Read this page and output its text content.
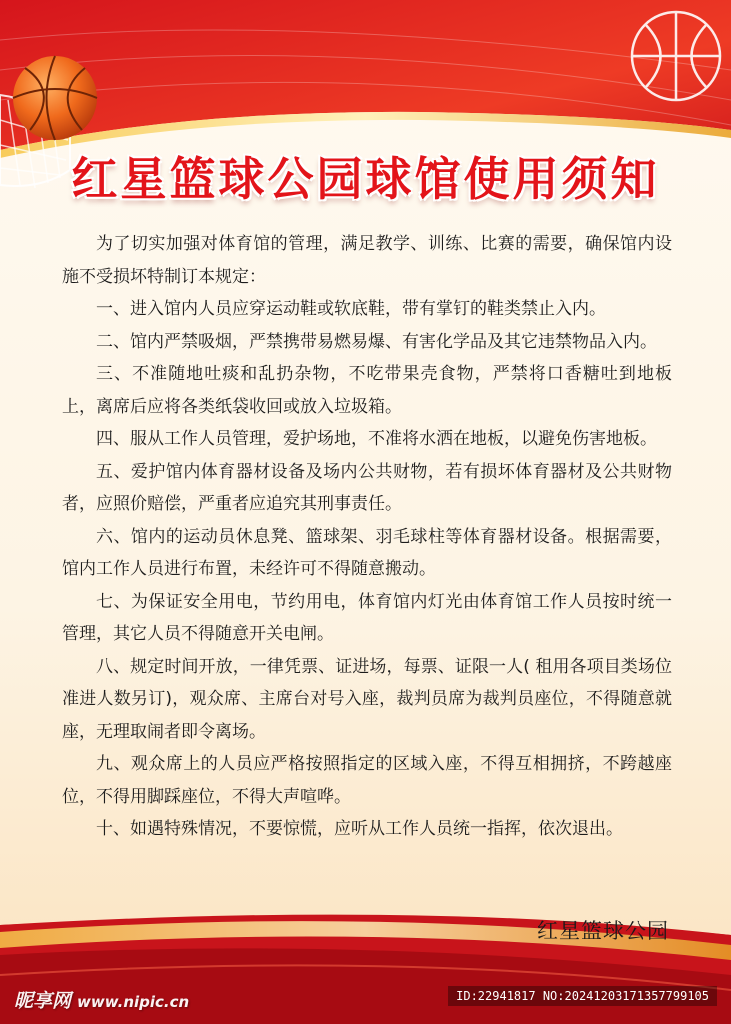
红星篮球公园球馆使用须知

为了切实加强对体育馆的管理，满足教学、训练、比赛的需要，确保馆内设施不受损坏特制订本规定：

一、进入馆内人员应穿运动鞋或软底鞋，带有掌钉的鞋类禁止入内。

二、馆内严禁吸烟，严禁携带易燃易爆、有害化学品及其它违禁物品入内。

三、不准随地吐痰和乱扔杂物，不吃带果壳食物，严禁将口香糖吐到地板上，离席后应将各类纸袋收回或放入垃圾箱。

四、服从工作人员管理，爱护场地，不准将水洒在地板，以避免伤害地板。

五、爱护馆内体育器材设备及场内公共财物，若有损坏体育器材及公共财物者，应照价赔偿，严重者应追究其刑事责任。

六、馆内的运动员休息凳、篮球架、羽毛球柱等体育器材设备。根据需要，馆内工作人员进行布置，未经许可不得随意搬动。

七、为保证安全用电，节约用电，体育馆内灯光由体育馆工作人员按时统一管理，其它人员不得随意开关电闸。

八、规定时间开放，一律凭票、证进场，每票、证限一人( 租用各项目类场位准进人数另订)，观众席、主席台对号入座，裁判员席为裁判员座位，不得随意就座，无理取闹者即令离场。

九、观众席上的人员应严格按照指定的区域入座，不得互相拥挤，不跨越座位，不得用脚踩座位，不得大声喧哗。

十、如遇特殊情况，不要惊慌，应听从工作人员统一指挥，依次退出。

红星篮球公园
昵享网 www.nipic.cn	ID:22941817 NO:20241203171357799105
